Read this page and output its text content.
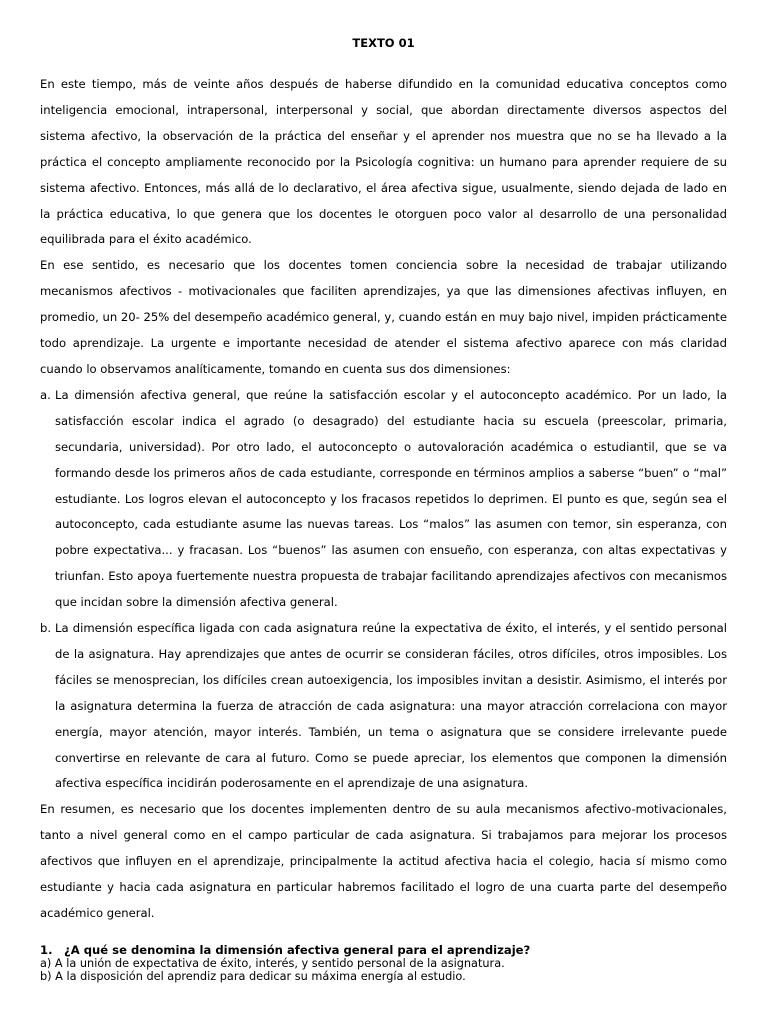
TEXTO 01

En este tiempo, más de veinte años después de haberse difundido en la comunidad educativa conceptos como inteligencia emocional, intrapersonal, interpersonal y social, que abordan directamente diversos aspectos del sistema afectivo, la observación de la práctica del enseñar y el aprender nos muestra que no se ha llevado a la práctica el concepto ampliamente reconocido por la Psicología cognitiva: un humano para aprender requiere de su sistema afectivo. Entonces, más allá de lo declarativo, el área afectiva sigue, usualmente, siendo dejada de lado en la práctica educativa, lo que genera que los docentes le otorguen poco valor al desarrollo de una personalidad equilibrada para el éxito académico.

En ese sentido, es necesario que los docentes tomen conciencia sobre la necesidad de trabajar utilizando mecanismos afectivos - motivacionales que faciliten aprendizajes, ya que las dimensiones afectivas influyen, en promedio, un 20- 25% del desempeño académico general, y, cuando están en muy bajo nivel, impiden prácticamente todo aprendizaje. La urgente e importante necesidad de atender el sistema afectivo aparece con más claridad cuando lo observamos analíticamente, tomando en cuenta sus dos dimensiones:

a. La dimensión afectiva general, que reúne la satisfacción escolar y el autoconcepto académico. Por un lado, la satisfacción escolar indica el agrado (o desagrado) del estudiante hacia su escuela (preescolar, primaria, secundaria, universidad). Por otro lado, el autoconcepto o autovaloración académica o estudiantil, que se va formando desde los primeros años de cada estudiante, corresponde en términos amplios a saberse “buen” o “mal” estudiante. Los logros elevan el autoconcepto y los fracasos repetidos lo deprimen. El punto es que, según sea el autoconcepto, cada estudiante asume las nuevas tareas. Los “malos” las asumen con temor, sin esperanza, con pobre expectativa... y fracasan. Los “buenos” las asumen con ensueño, con esperanza, con altas expectativas y triunfan. Esto apoya fuertemente nuestra propuesta de trabajar facilitando aprendizajes afectivos con mecanismos que incidan sobre la dimensión afectiva general.
b. La dimensión específica ligada con cada asignatura reúne la expectativa de éxito, el interés, y el sentido personal de la asignatura. Hay aprendizajes que antes de ocurrir se consideran fáciles, otros difíciles, otros imposibles. Los fáciles se menosprecian, los difíciles crean autoexigencia, los imposibles invitan a desistir. Asimismo, el interés por la asignatura determina la fuerza de atracción de cada asignatura: una mayor atracción correlaciona con mayor energía, mayor atención, mayor interés. También, un tema o asignatura que se considere irrelevante puede convertirse en relevante de cara al futuro. Como se puede apreciar, los elementos que componen la dimensión afectiva específica incidirán poderosamente en el aprendizaje de una asignatura.

En resumen, es necesario que los docentes implementen dentro de su aula mecanismos afectivo-motivacionales, tanto a nivel general como en el campo particular de cada asignatura. Si trabajamos para mejorar los procesos afectivos que influyen en el aprendizaje, principalmente la actitud afectiva hacia el colegio, hacia sí mismo como estudiante y hacia cada asignatura en particular habremos facilitado el logro de una cuarta parte del desempeño académico general.

1. ¿A qué se denomina la dimensión afectiva general para el aprendizaje?

a) A la unión de expectativa de éxito, interés, y sentido personal de la asignatura.

b) A la disposición del aprendiz para dedicar su máxima energía al estudio.
